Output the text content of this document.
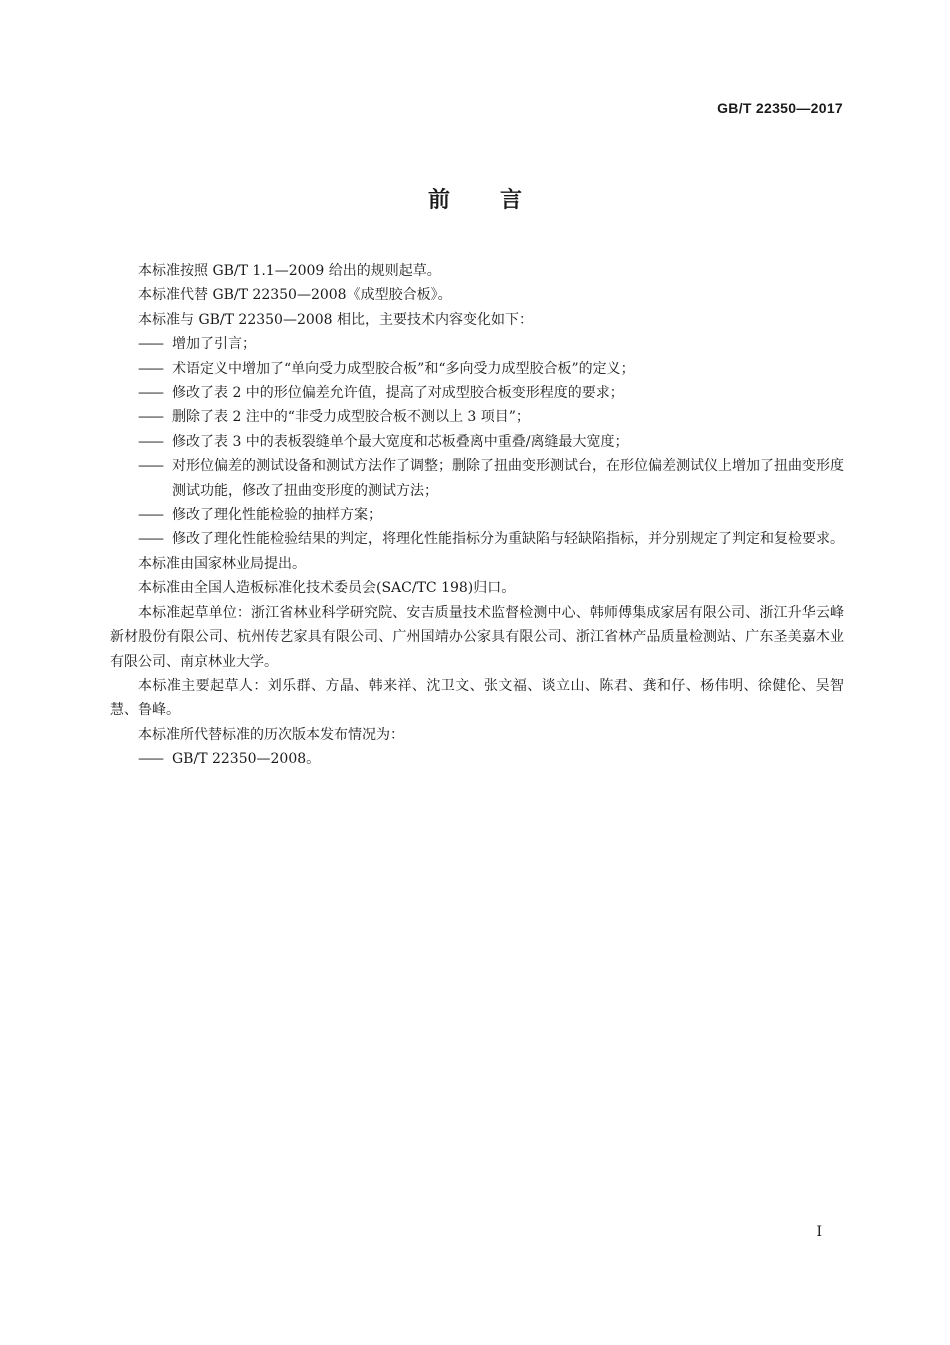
GB/T 22350—2017
前 言

本标准按照 GB/T 1.1—2009 给出的规则起草。

本标准代替 GB/T 22350—2008《成型胶合板》。

本标准与 GB/T 22350—2008 相比，主要技术内容变化如下：

—— 增加了引言；

—— 术语定义中增加了“单向受力成型胶合板”和“多向受力成型胶合板”的定义；

—— 修改了表 2 中的形位偏差允许值，提高了对成型胶合板变形程度的要求；

—— 删除了表 2 注中的“非受力成型胶合板不测以上 3 项目”；

—— 修改了表 3 中的表板裂缝单个最大宽度和芯板叠离中重叠/离缝最大宽度；

—— 对形位偏差的测试设备和测试方法作了调整；删除了扭曲变形测试台，在形位偏差测试仪上增加了扭曲变形度测试功能，修改了扭曲变形度的测试方法；

—— 修改了理化性能检验的抽样方案；

—— 修改了理化性能检验结果的判定，将理化性能指标分为重缺陷与轻缺陷指标，并分别规定了判定和复检要求。

本标准由国家林业局提出。

本标准由全国人造板标准化技术委员会(SAC/TC 198)归口。

本标准起草单位：浙江省林业科学研究院、安吉质量技术监督检测中心、韩师傅集成家居有限公司、浙江升华云峰新材股份有限公司、杭州传艺家具有限公司、广州国靖办公家具有限公司、浙江省林产品质量检测站、广东圣美嘉木业有限公司、南京林业大学。

本标准主要起草人：刘乐群、方晶、韩来祥、沈卫文、张文福、谈立山、陈君、龚和仔、杨伟明、徐健伦、吴智慧、鲁峰。

本标准所代替标准的历次版本发布情况为：

—— GB/T 22350—2008。

I
